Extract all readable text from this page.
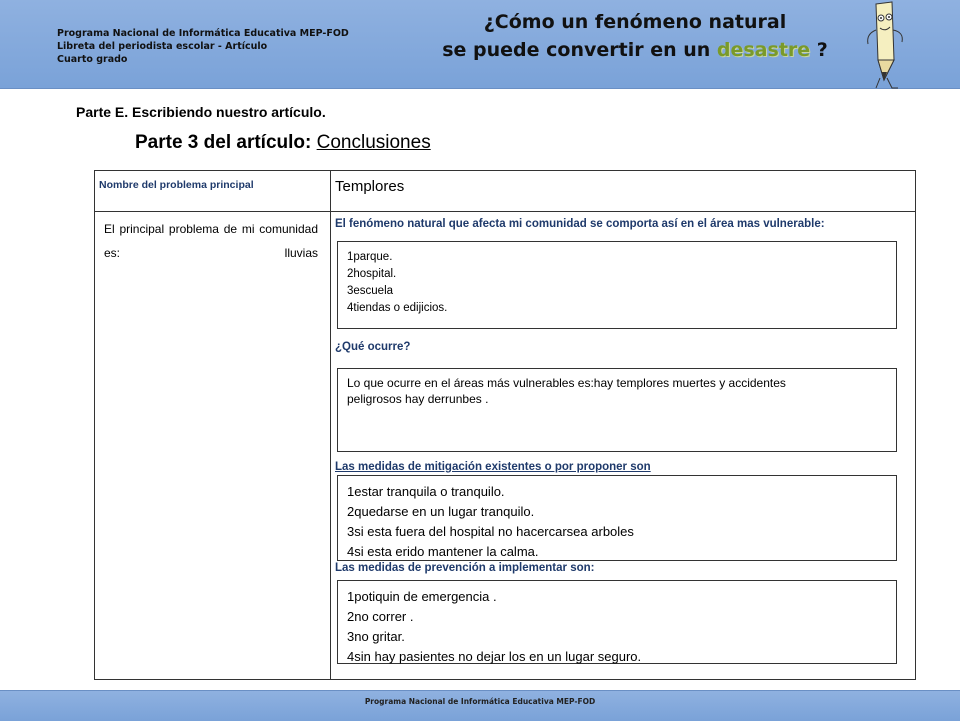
Programa Nacional de Informática Educativa MEP-FOD
Libreta del periodista escolar - Artículo
Cuarto grado
¿Cómo un fenómeno natural
se puede convertir en un desastre ?
Parte E. Escribiendo nuestro artículo.
Parte 3 del artículo: Conclusiones
Nombre del problema principal	Templores
El principal problema de mi comunidad es: lluvias
El fenómeno natural que afecta mi comunidad se comporta así en el área mas vulnerable:
1parque.
2hospital.
3escuela
4tiendas o edijicios.
¿Qué ocurre?
Lo que ocurre en el áreas más vulnerables es:hay templores muertes y accidentes
peligrosos hay derrunbes .
Las medidas de mitigación existentes o por proponer son
1estar tranquila o tranquilo.
2quedarse en un lugar tranquilo.
3si esta fuera del hospital no hacercarsea arboles
4si esta erido mantener la calma.
Las medidas de prevención a implementar son:
1potiquin de emergencia .
2no correr .
3no gritar.
4sin hay pasientes no dejar los en un lugar seguro.
Programa Nacional de Informática Educativa MEP-FOD
